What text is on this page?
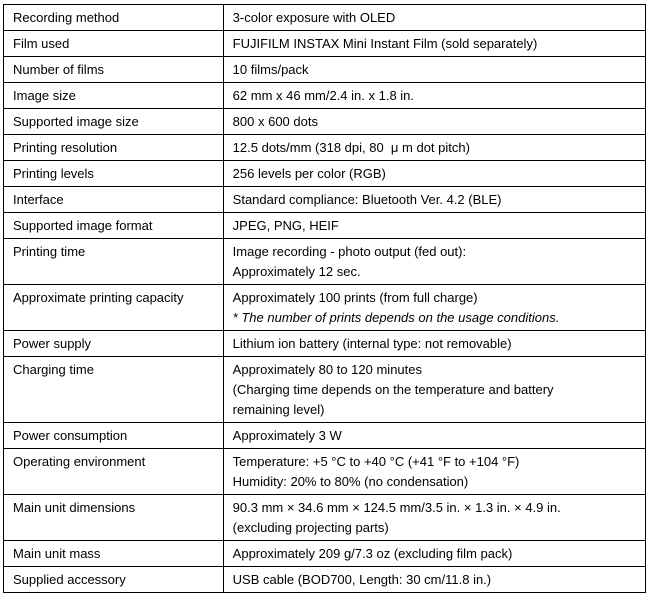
Recording method	3-color exposure with OLED

Film used	FUJIFILM INSTAX Mini Instant Film (sold separately)

Number of films	10 films/pack

Image size	62 mm x 46 mm/2.4 in. x 1.8 in.

Supported image size	800 x 600 dots

Printing resolution	12.5 dots/mm (318 dpi, 80  μ m dot pitch)

Printing levels	256 levels per color (RGB)

Interface	Standard compliance: Bluetooth Ver. 4.2 (BLE)

Supported image format	JPEG, PNG, HEIF

Printing time	Image recording - photo output (fed out):
Approximately 12 sec.

Approximate printing capacity	Approximately 100 prints (from full charge)
* The number of prints depends on the usage conditions.

Power supply	Lithium ion battery (internal type: not removable)

Charging time	Approximately 80 to 120 minutes
(Charging time depends on the temperature and battery
remaining level)

Power consumption	Approximately 3 W

Operating environment	Temperature: +5 °C to +40 °C (+41 °F to +104 °F)
Humidity: 20% to 80% (no condensation)

Main unit dimensions	90.3 mm × 34.6 mm × 124.5 mm/3.5 in. × 1.3 in. × 4.9 in.
(excluding projecting parts)

Main unit mass	Approximately 209 g/7.3 oz (excluding film pack)

Supplied accessory	USB cable (BOD700, Length: 30 cm/11.8 in.)
